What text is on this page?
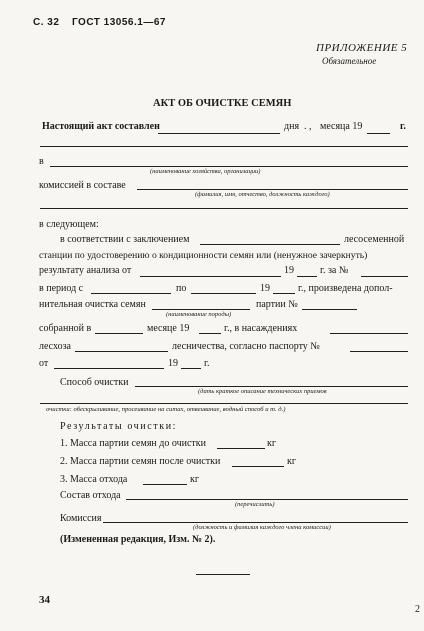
С. 32 ГОСТ 13056.1—67
ПРИЛОЖЕНИЕ 5
Обязательное
АКТ ОБ ОЧИСТКЕ СЕМЯН
Настоящий акт составлен	дня . , месяца 19	г.
в
(наименование хозяйства, организации)
комиссией в составе
(фамилия, имя, отчество, должность каждого)
в следующем:
в соответствии с заключением	лесосеменной
станции по удостоверению о кондиционности семян или (ненужное зачеркнуть)
результату анализа от	19	г. за №
в период с	по	19	г., произведена допол-
нительная очистка семян	партии №
(наименование породы)
собранной в	месяце 19	г., в насаждениях
лесхоза	лесничества, согласно паспорту №
от	19	г.
Способ очистки
(дать краткое описание технических приемов
очистки: обескрыливание, просеивание на ситах, отвеивание, водный способ и т. д.)
Результаты очистки:
1. Масса партии семян до очистки	кг
2. Масса партии семян после очистки	кг
3. Масса отхода	кг
Состав отхода
(перечислить)
Комиссия
(должность и фамилия каждого члена комиссии)
(Измененная редакция, Изм. № 2).
34
2
